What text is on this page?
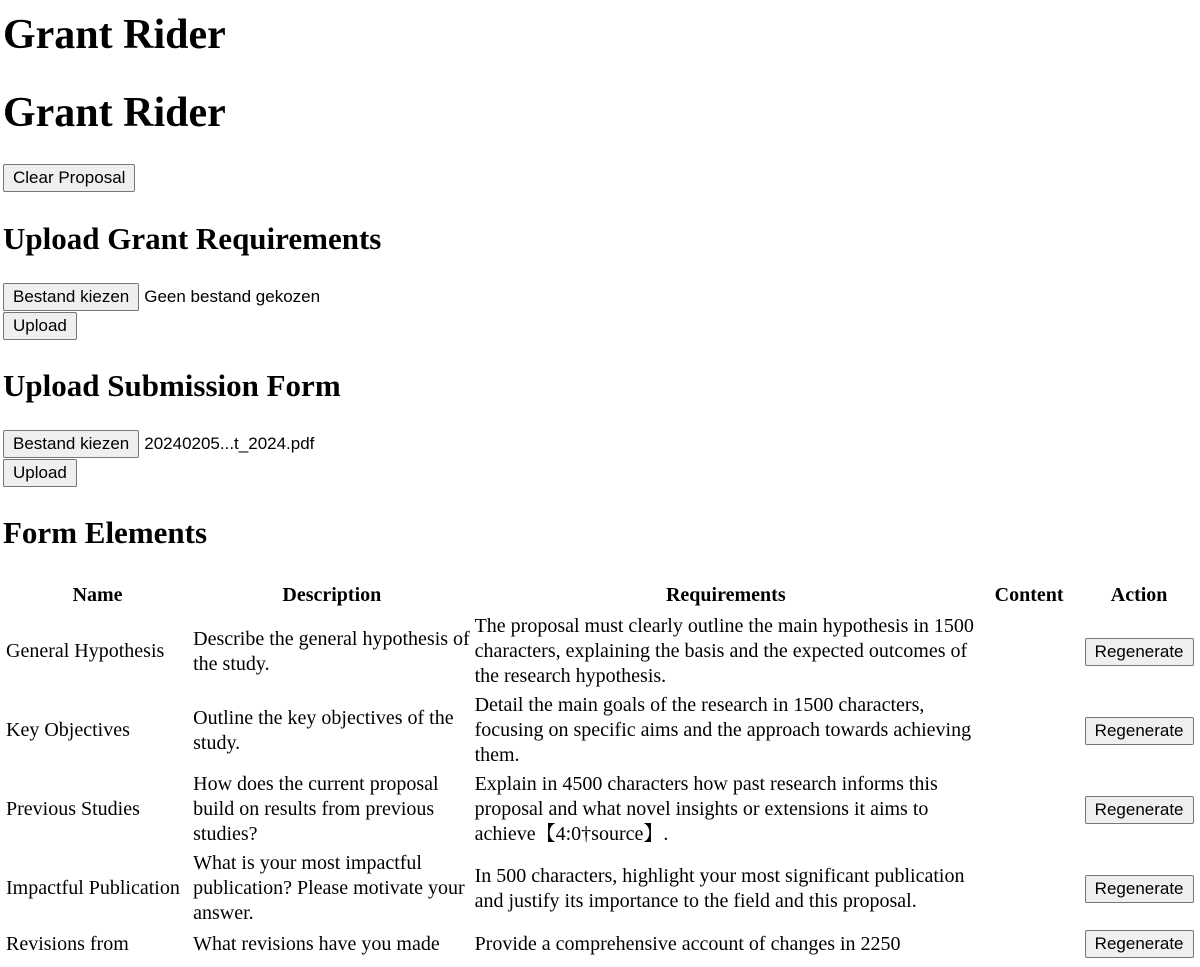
Grant Rider
Grant Rider
Clear Proposal
Upload Grant Requirements
Bestand kiezen Geen bestand gekozen
Upload
Upload Submission Form
Bestand kiezen 20240205...t_2024.pdf
Upload
Form Elements
Name	Description	Requirements	Content	Action
General Hypothesis	Describe the general hypothesis of the study.	The proposal must clearly outline the main hypothesis in 1500 characters, explaining the basis and the expected outcomes of the research hypothesis.		Regenerate
Key Objectives	Outline the key objectives of the study.	Detail the main goals of the research in 1500 characters, focusing on specific aims and the approach towards achieving them.		Regenerate
Previous Studies	How does the current proposal build on results from previous studies?	Explain in 4500 characters how past research informs this proposal and what novel insights or extensions it aims to achieve【4:0†source】.		Regenerate
Impactful Publication	What is your most impactful publication? Please motivate your answer.	In 500 characters, highlight your most significant publication and justify its importance to the field and this proposal.		Regenerate
Revisions from	What revisions have you made	Provide a comprehensive account of changes in 2250		Regenerate
